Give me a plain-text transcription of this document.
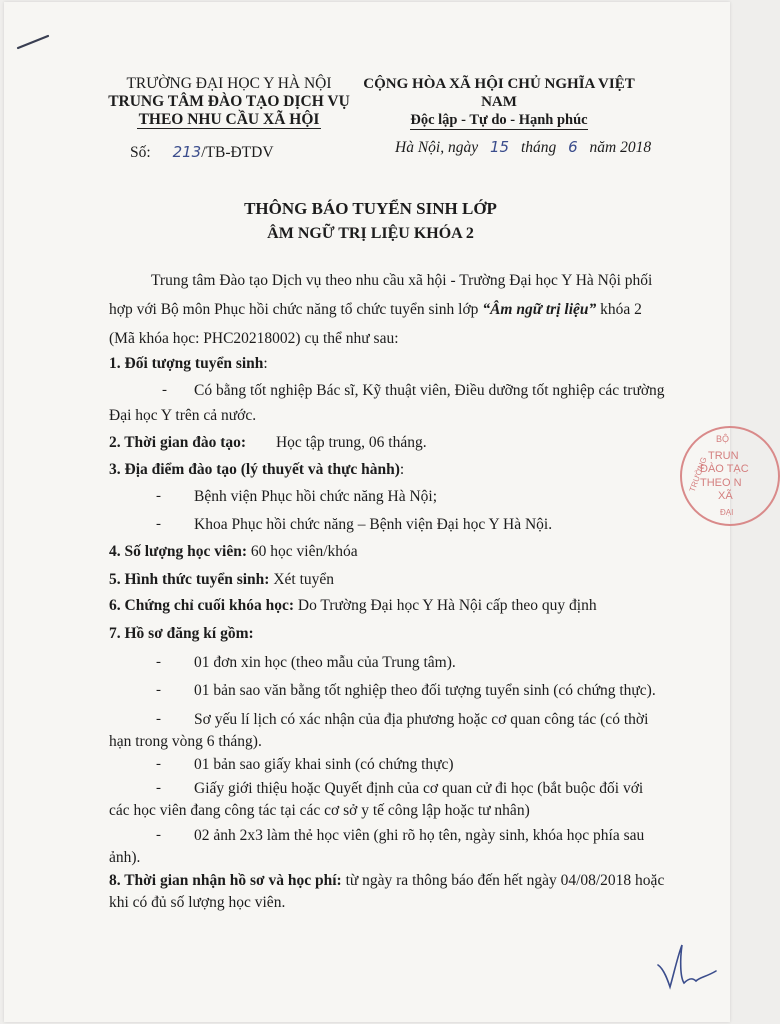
TRƯỜNG ĐẠI HỌC Y HÀ NỘI
TRUNG TÂM ĐÀO TẠO DỊCH VỤ
THEO NHU CẦU XÃ HỘI
Số: 213/TB-ĐTDV
CỘNG HÒA XÃ HỘI CHỦ NGHĨA VIỆT NAM
Độc lập - Tự do - Hạnh phúc
Hà Nội, ngày 15 tháng 6 năm 2018
THÔNG BÁO TUYỂN SINH LỚP
ÂM NGỮ TRỊ LIỆU KHÓA 2
Trung tâm Đào tạo Dịch vụ theo nhu cầu xã hội - Trường Đại học Y Hà Nội phối
hợp với Bộ môn Phục hồi chức năng tổ chức tuyển sinh lớp “Âm ngữ trị liệu” khóa 2
(Mã khóa học: PHC20218002) cụ thể như sau:
1. Đối tượng tuyển sinh:
- Có bằng tốt nghiệp Bác sĩ, Kỹ thuật viên, Điều dưỡng tốt nghiệp các trường
Đại học Y trên cả nước.
2. Thời gian đào tạo: Học tập trung, 06 tháng.
3. Địa điểm đào tạo (lý thuyết và thực hành):
- Bệnh viện Phục hồi chức năng Hà Nội;
- Khoa Phục hồi chức năng – Bệnh viện Đại học Y Hà Nội.
4. Số lượng học viên: 60 học viên/khóa
5. Hình thức tuyển sinh: Xét tuyển
6. Chứng chỉ cuối khóa học: Do Trường Đại học Y Hà Nội cấp theo quy định
7. Hồ sơ đăng kí gồm:
- 01 đơn xin học (theo mẫu của Trung tâm).
- 01 bản sao văn bằng tốt nghiệp theo đối tượng tuyển sinh (có chứng thực).
- Sơ yếu lí lịch có xác nhận của địa phương hoặc cơ quan công tác (có thời
hạn trong vòng 6 tháng).
- 01 bản sao giấy khai sinh (có chứng thực)
- Giấy giới thiệu hoặc Quyết định của cơ quan cử đi học (bắt buộc đối với
các học viên đang công tác tại các cơ sở y tế công lập hoặc tư nhân)
- 02 ảnh 2x3 làm thẻ học viên (ghi rõ họ tên, ngày sinh, khóa học phía sau
ảnh).
8. Thời gian nhận hồ sơ và học phí: từ ngày ra thông báo đến hết ngày 04/08/2018 hoặc
khi có đủ số lượng học viên.
BỘ
TRUN
ĐÀO TẠC
THEO N
XÃ
TRƯỜNG
ĐẠI
